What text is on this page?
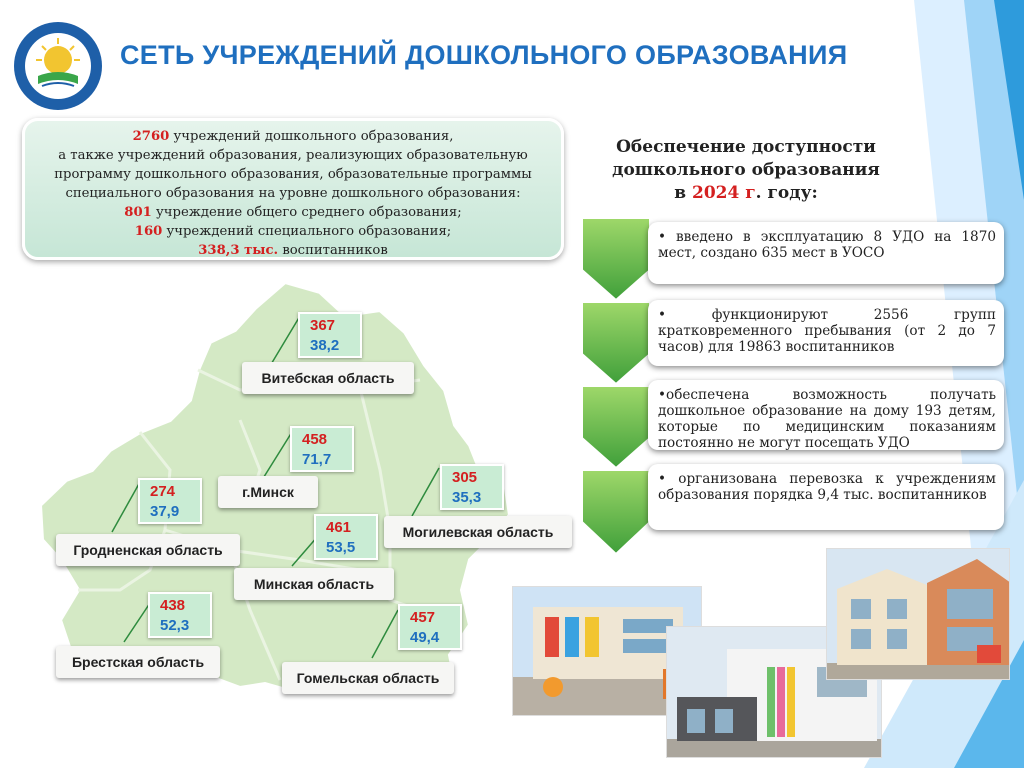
СЕТЬ УЧРЕЖДЕНИЙ ДОШКОЛЬНОГО ОБРАЗОВАНИЯ
2760 учреждений дошкольного образования,
а также учреждений образования, реализующих образовательную
программу дошкольного образования, образовательные программы
специального образования на уровне дошкольного образования:
801 учреждение общего среднего образования;
160 учреждений специального образования;
338,3 тыс. воспитанников
Обеспечение доступности
дошкольного образования
в 2024 г. году:
• введено в эксплуатацию 8 УДО на 1870 мест, создано 635 мест в УОСО
• функционируют 2556 групп кратковременного пребывания (от 2 до 7 часов) для 19863 воспитанников
•обеспечена возможность получать дошкольное образование на дому 193 детям, которые по медицинским показаниям постоянно не могут посещать УДО
• организована перевозка к учреждениям образования порядка 9,4 тыс. воспитанников
367
38,2
Витебская область
458
71,7
г.Минск
274
37,9
Гродненская область
305
35,3
Могилевская область
461
53,5
Минская область
438
52,3
Брестская область
457
49,4
Гомельская область
